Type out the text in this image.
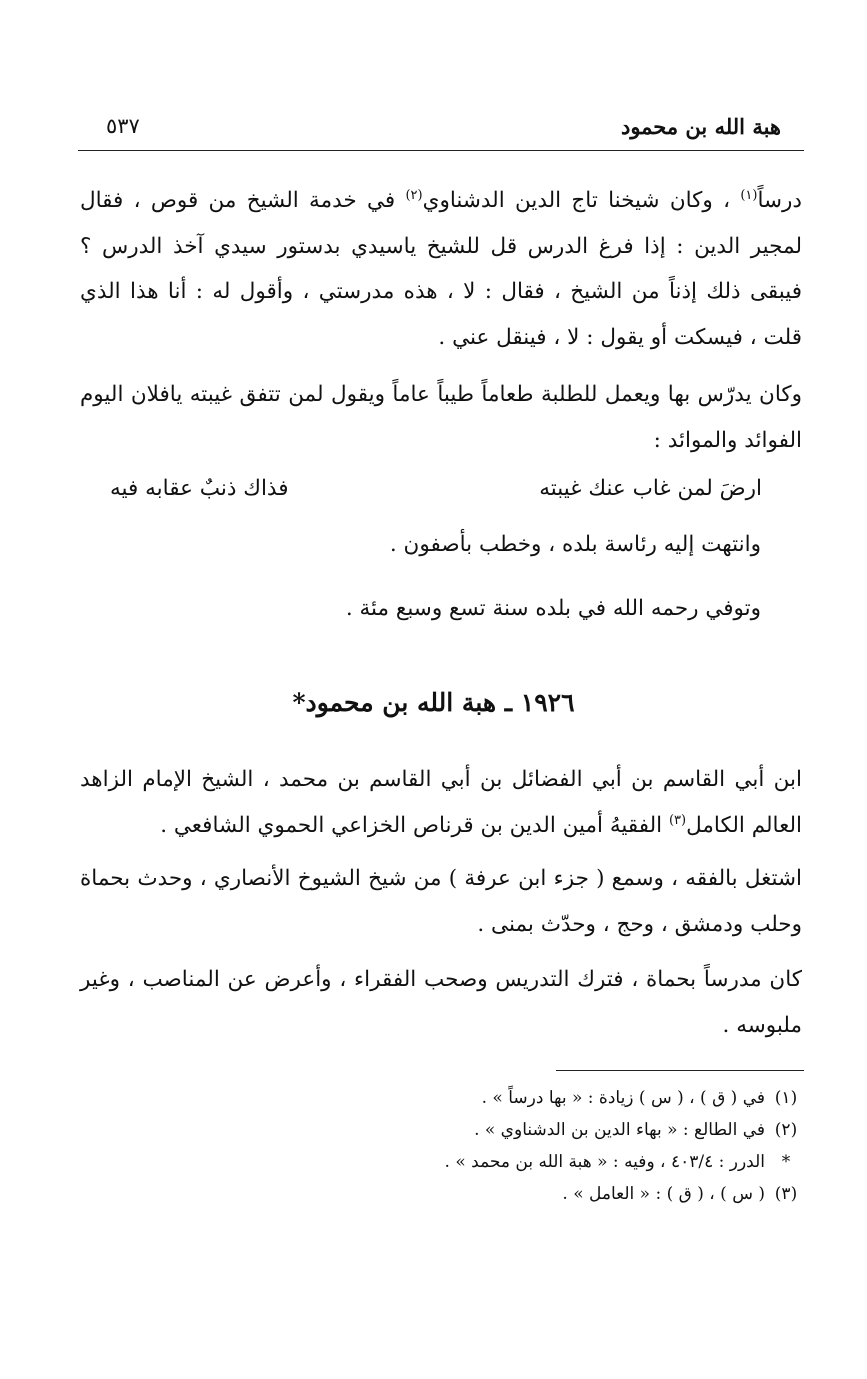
هبة الله بن محمود
٥٣٧

درساً$^{(١)}$ ، وكان شيخنا تاج الدين الدشناوي$^{(٢)}$ في خدمة الشيخ من قوص ، فقال لمجير الدين : إذا فرغ الدرس قل للشيخ ياسيدي بدستور سيدي آخذ الدرس ؟ فيبقى ذلك إذناً من الشيخ ، فقال : لا ، هذه مدرستي ، وأقول له : أنا هذا الذي قلت ، فيسكت أو يقول : لا ، فينقل عني .

وكان يدرّس بها ويعمل للطلبة طعاماً طيباً عاماً ويقول لمن تتفق غيبته يافلان اليوم الفوائد والموائد :

ارضَ لمن غاب عنك غيبته
فذاك ذنبٌ عقابه فيه
وانتهت إليه رئاسة بلده ، وخطب بأصفون .
وتوفي رحمه الله في بلده سنة تسع وسبع مئة .
١٩٢٦ ـ هبة الله بن محمود*

ابن أبي القاسم بن أبي الفضائل بن أبي القاسم بن محمد ، الشيخ الإمام الزاهد العالم الكامل$^{(٣)}$ الفقيهُ أمين الدين بن قرناص الخزاعي الحموي الشافعي .

اشتغل بالفقه ، وسمع ( جزء ابن عرفة ) من شيخ الشيوخ الأنصاري ، وحدث بحماة وحلب ودمشق ، وحج ، وحدّث بمنى .

كان مدرساً بحماة ، فترك التدريس وصحب الفقراء ، وأعرض عن المناصب ، وغير ملبوسه .

(١)في ( ق ) ، ( س ) زيادة : « بها درساً » .
(٢)في الطالع : « بهاء الدين بن الدشناوي » .
*الدرر : ٤٠٣/٤ ، وفيه : « هبة الله بن محمد » .
(٣)( س ) ، ( ق ) : « العامل » .
